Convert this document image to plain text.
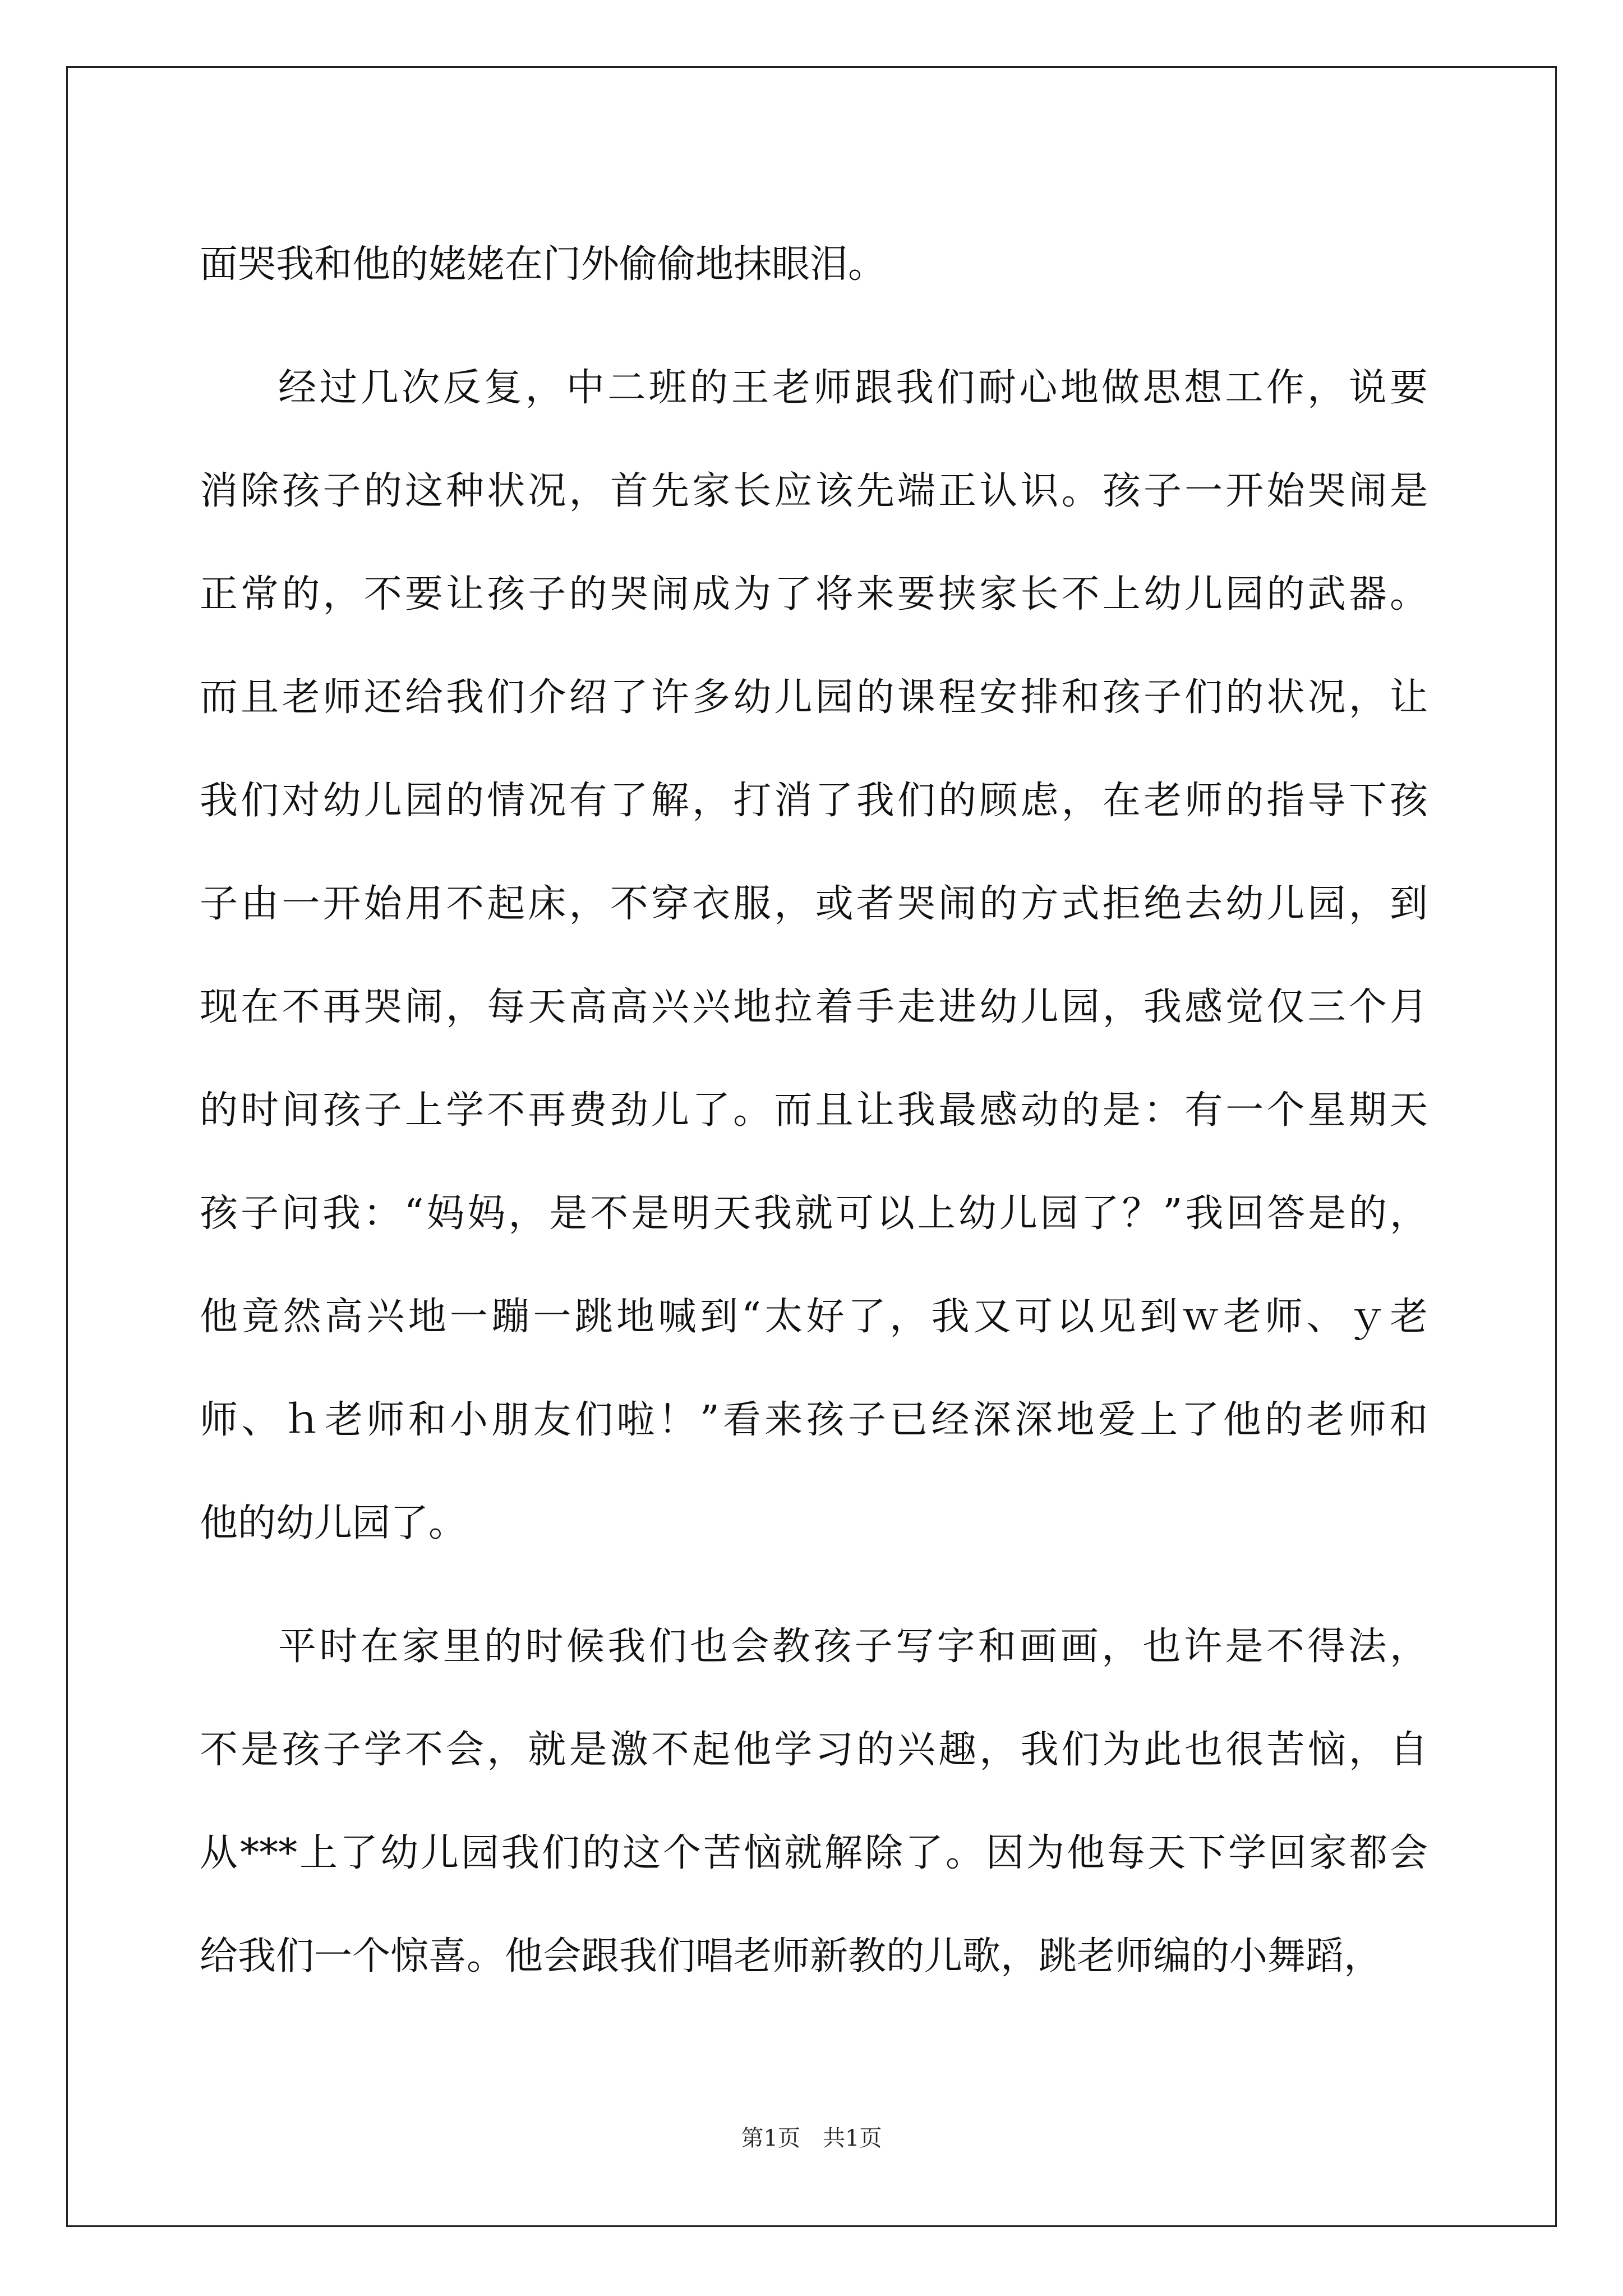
面哭我和他的姥姥在门外偷偷地抹眼泪。
经过几次反复，中二班的王老师跟我们耐心地做思想工作，说要
消除孩子的这种状况，首先家长应该先端正认识。孩子一开始哭闹是
正常的，不要让孩子的哭闹成为了将来要挟家长不上幼儿园的武器。
而且老师还给我们介绍了许多幼儿园的课程安排和孩子们的状况，让
我们对幼儿园的情况有了解，打消了我们的顾虑，在老师的指导下孩
子由一开始用不起床，不穿衣服，或者哭闹的方式拒绝去幼儿园，到
现在不再哭闹，每天高高兴兴地拉着手走进幼儿园，我感觉仅三个月
的时间孩子上学不再费劲儿了。而且让我最感动的是：有一个星期天
孩子问我：“妈妈，是不是明天我就可以上幼儿园了？”我回答是的，
他竟然高兴地一蹦一跳地喊到“太好了，我又可以见到ｗ老师、ｙ老
师、ｈ老师和小朋友们啦！”看来孩子已经深深地爱上了他的老师和
他的幼儿园了。
平时在家里的时候我们也会教孩子写字和画画，也许是不得法，
不是孩子学不会，就是激不起他学习的兴趣，我们为此也很苦恼，自
从***上了幼儿园我们的这个苦恼就解除了。因为他每天下学回家都会
给我们一个惊喜。他会跟我们唱老师新教的儿歌，跳老师编的小舞蹈，
第1页　共1页
